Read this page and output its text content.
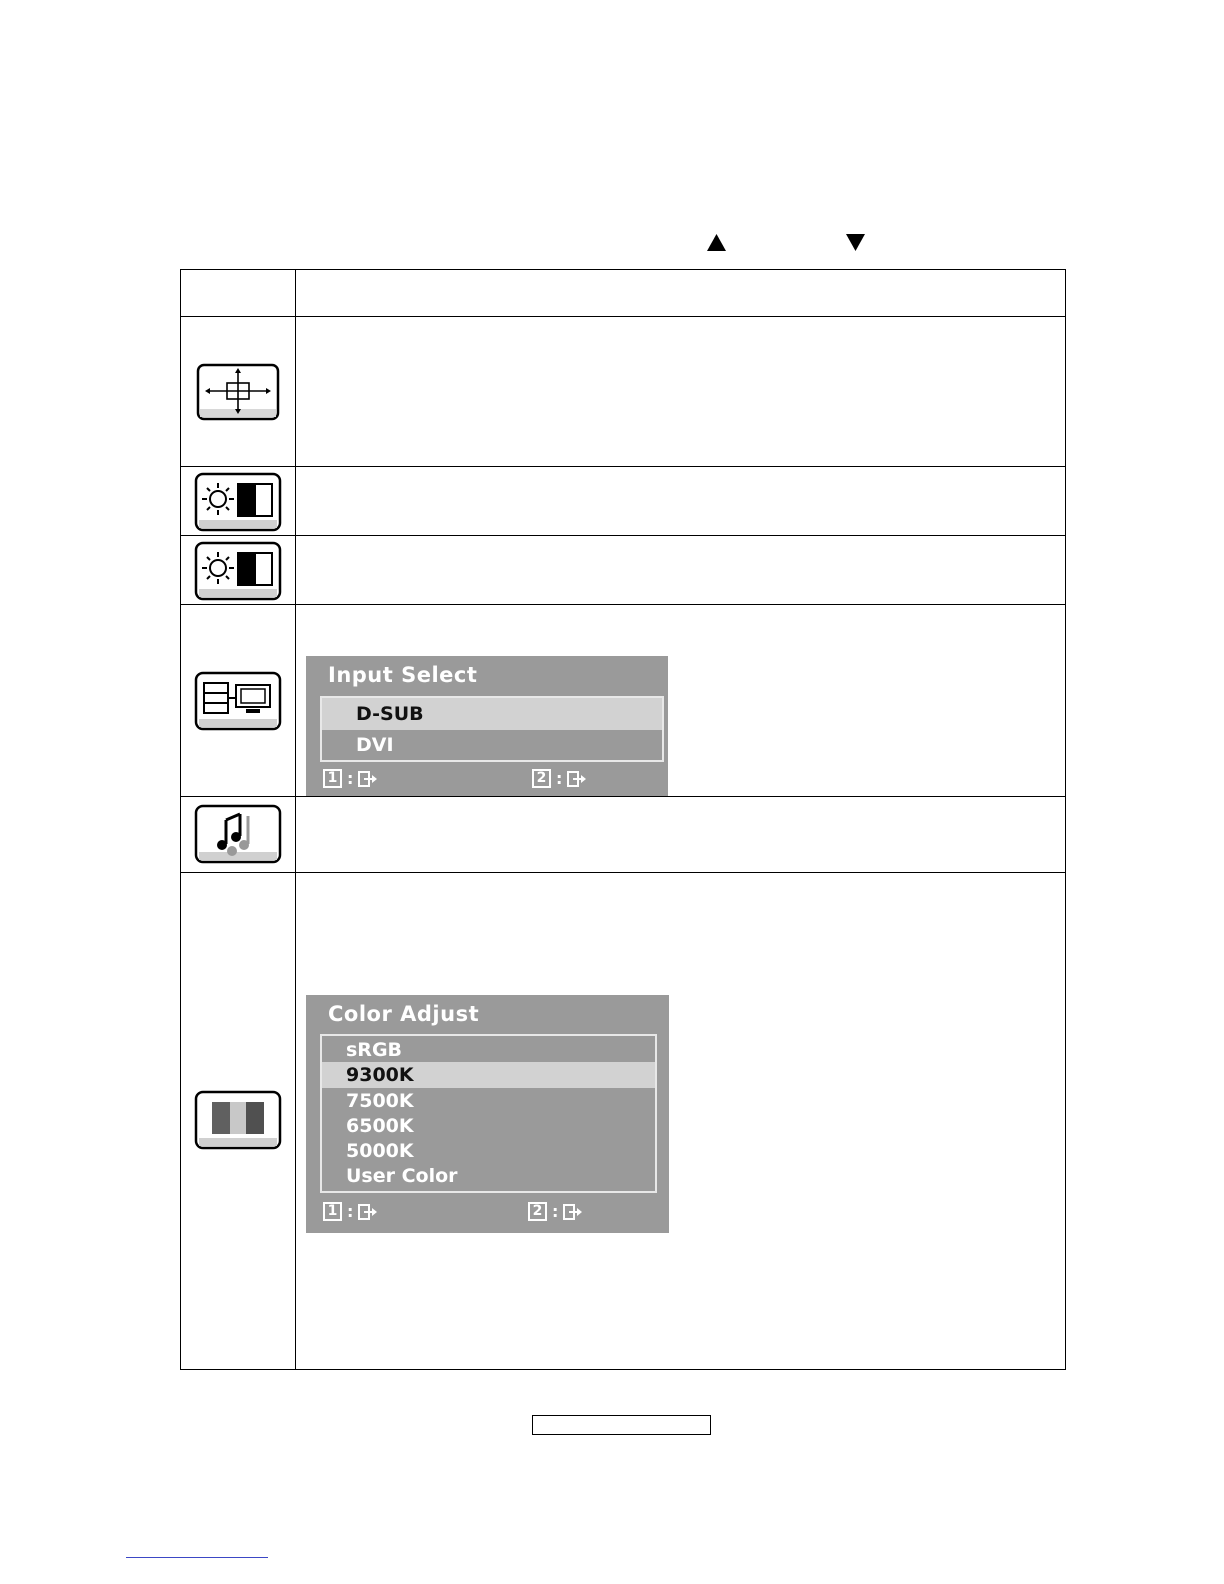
Input Select
D-SUB
DVI
1 :	2 :
Color Adjust
sRGB
9300K
7500K
6500K
5000K
User Color
1 :	2 :
